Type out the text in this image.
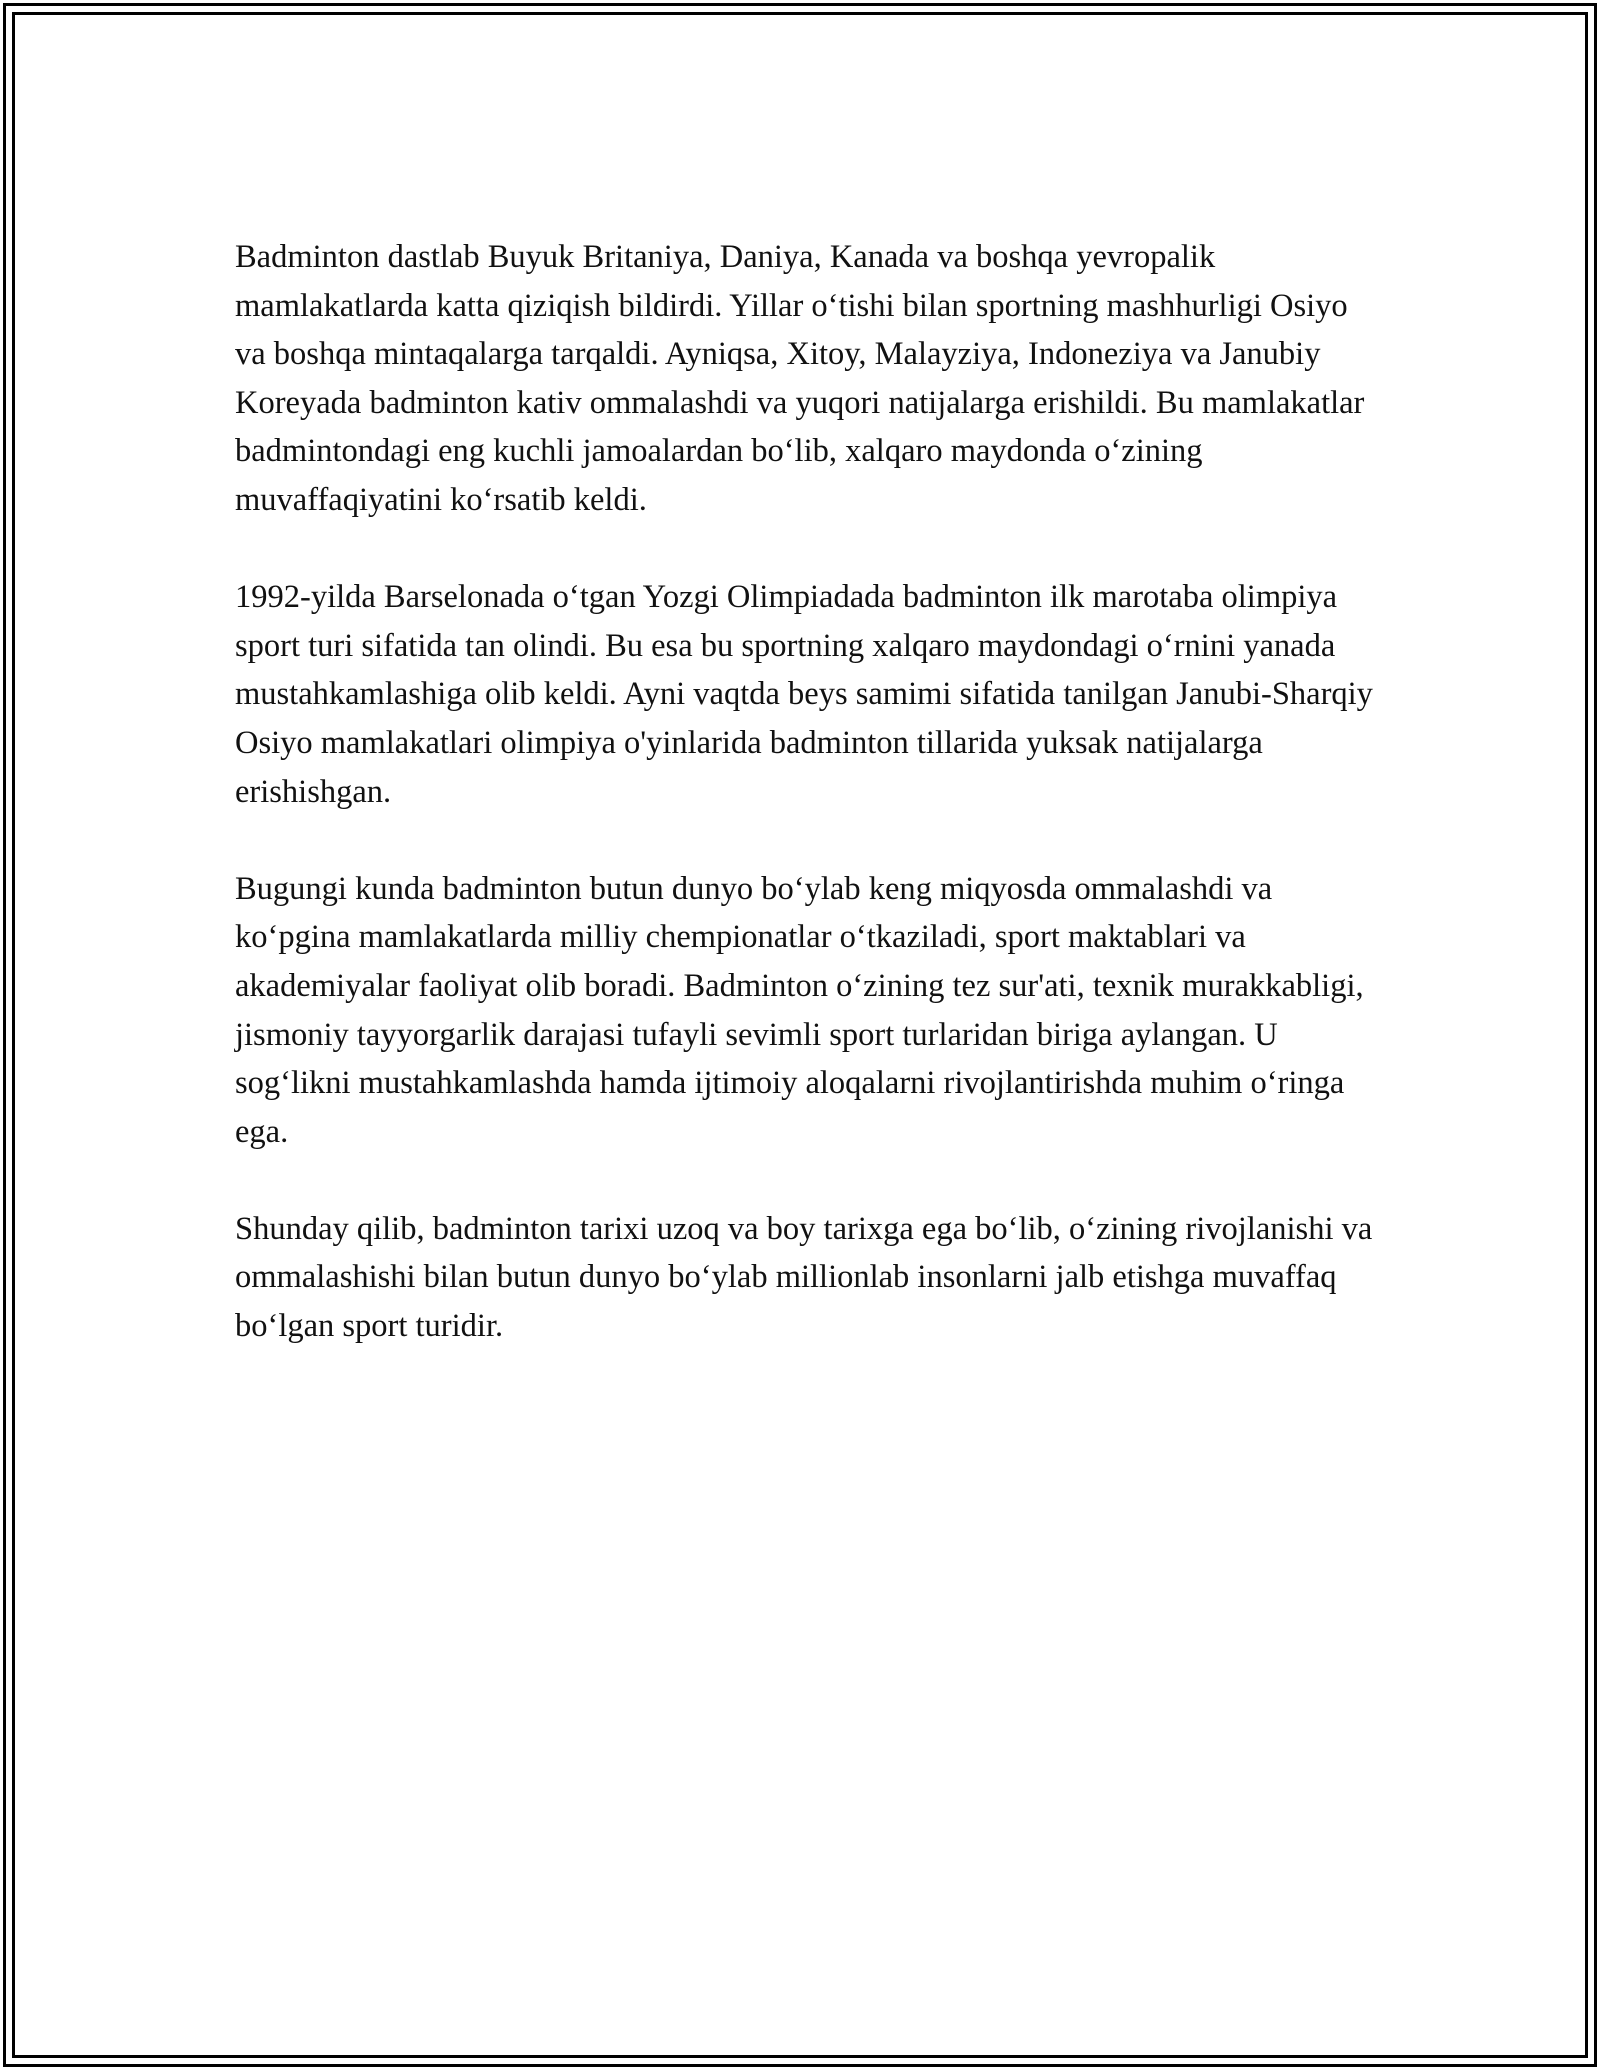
Badminton dastlab Buyuk Britaniya, Daniya, Kanada va boshqa yevropalik mamlakatlarda katta qiziqish bildirdi. Yillar o‘tishi bilan sportning mashhurligi Osiyo va boshqa mintaqalarga tarqaldi. Ayniqsa, Xitoy, Malayziya, Indoneziya va Janubiy Koreyada badminton kativ ommalashdi va yuqori natijalarga erishildi. Bu mamlakatlar badmintondagi eng kuchli jamoalardan bo‘lib, xalqaro maydonda o‘zining muvaffaqiyatini ko‘rsatib keldi.

1992-yilda Barselonada o‘tgan Yozgi Olimpiadada badminton ilk marotaba olimpiya sport turi sifatida tan olindi. Bu esa bu sportning xalqaro maydondagi o‘rnini yanada mustahkamlashiga olib keldi. Ayni vaqtda beys samimi sifatida tanilgan Janubi-Sharqiy Osiyo mamlakatlari olimpiya o'yinlarida badminton tillarida yuksak natijalarga erishishgan.

Bugungi kunda badminton butun dunyo bo‘ylab keng miqyosda ommalashdi va ko‘pgina mamlakatlarda milliy chempionatlar o‘tkaziladi, sport maktablari va akademiyalar faoliyat olib boradi. Badminton o‘zining tez sur'ati, texnik murakkabligi, jismoniy tayyorgarlik darajasi tufayli sevimli sport turlaridan biriga aylangan. U sog‘likni mustahkamlashda hamda ijtimoiy aloqalarni rivojlantirishda muhim o‘ringa ega.

Shunday qilib, badminton tarixi uzoq va boy tarixga ega bo‘lib, o‘zining rivojlanishi va ommalashishi bilan butun dunyo bo‘ylab millionlab insonlarni jalb etishga muvaffaq bo‘lgan sport turidir.
